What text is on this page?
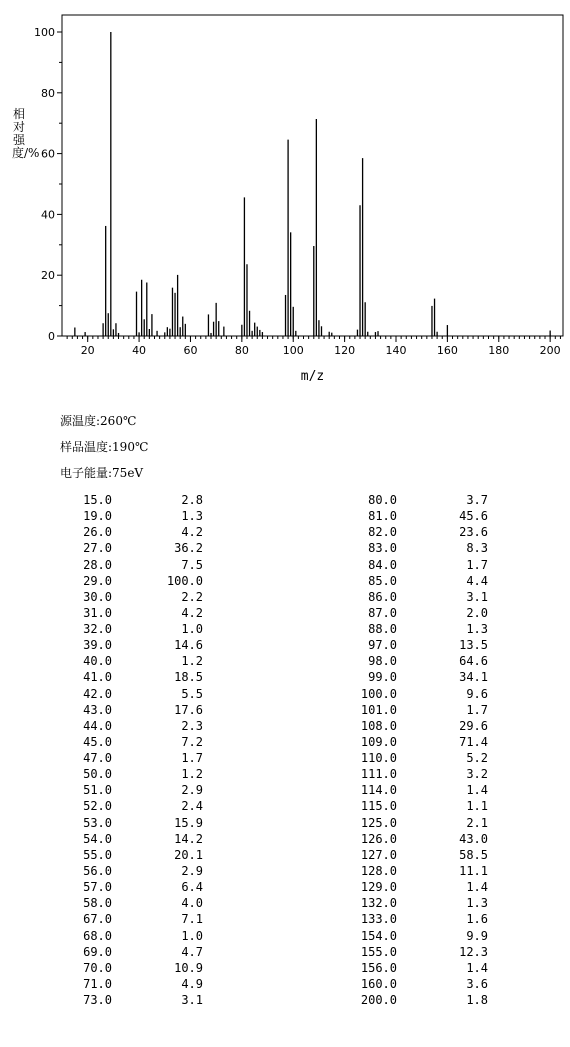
0
20
40
60
80
100
20	40	60	80	100	120	140	160	180	200
m/z
相对强度/%
源温度:260℃
样品温度:190℃
电子能量:75eV
15.0	2.8
19.0	1.3
26.0	4.2
27.0	36.2
28.0	7.5
29.0	100.0
30.0	2.2
31.0	4.2
32.0	1.0
39.0	14.6
40.0	1.2
41.0	18.5
42.0	5.5
43.0	17.6
44.0	2.3
45.0	7.2
47.0	1.7
50.0	1.2
51.0	2.9
52.0	2.4
53.0	15.9
54.0	14.2
55.0	20.1
56.0	2.9
57.0	6.4
58.0	4.0
67.0	7.1
68.0	1.0
69.0	4.7
70.0	10.9
71.0	4.9
73.0	3.1
80.0	3.7
81.0	45.6
82.0	23.6
83.0	8.3
84.0	1.7
85.0	4.4
86.0	3.1
87.0	2.0
88.0	1.3
97.0	13.5
98.0	64.6
99.0	34.1
100.0	9.6
101.0	1.7
108.0	29.6
109.0	71.4
110.0	5.2
111.0	3.2
114.0	1.4
115.0	1.1
125.0	2.1
126.0	43.0
127.0	58.5
128.0	11.1
129.0	1.4
132.0	1.3
133.0	1.6
154.0	9.9
155.0	12.3
156.0	1.4
160.0	3.6
200.0	1.8
